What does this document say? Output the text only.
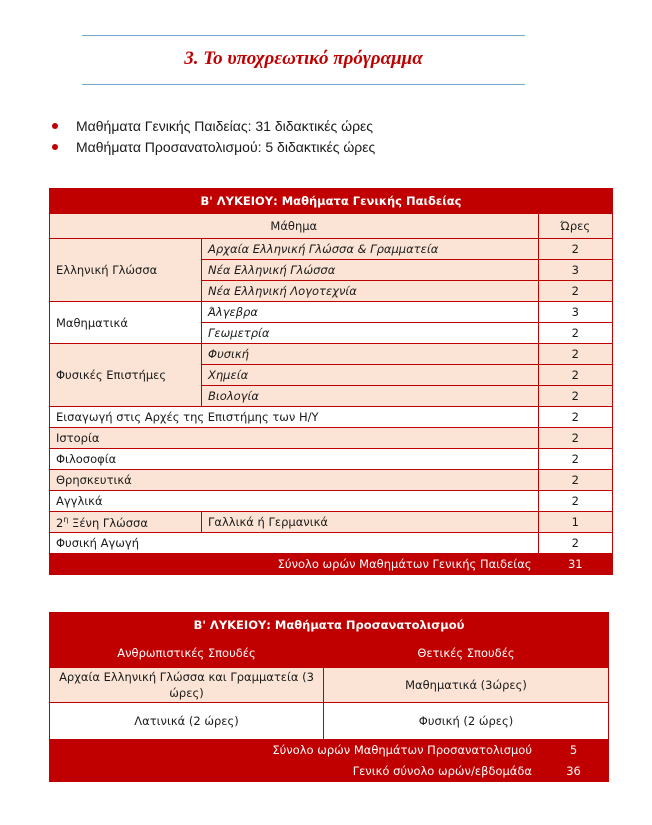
3. Το υποχρεωτικό πρόγραμμα
Μαθήματα Γενικής Παιδείας: 31 διδακτικές ώρες
Μαθήματα Προσανατολισμού: 5 διδακτικές ώρες
Β' ΛΥΚΕΙΟΥ: Μαθήματα Γενικής Παιδείας		
Μάθημα		Ώρες
Ελληνική Γλώσσα	Αρχαία Ελληνική Γλώσσα & Γραμματεία	2
	Νέα Ελληνική Γλώσσα	3
	Νέα Ελληνική Λογοτεχνία	2
Μαθηματικά	Άλγεβρα	3
	Γεωμετρία	2
Φυσικές Επιστήμες	Φυσική	2
	Χημεία	2
	Βιολογία	2
Εισαγωγή στις Αρχές της Επιστήμης των Η/Υ		2
Ιστορία		2
Φιλοσοφία		2
Θρησκευτικά		2
Αγγλικά		2
$2^\eta$ Ξένη Γλώσσα	Γαλλικά ή Γερμανικά	1
Φυσική Αγωγή		2
Σύνολο ωρών Μαθημάτων Γενικής Παιδείας		31
Β' ΛΥΚΕΙΟΥ: Μαθήματα Προσανατολισμού		
Ανθρωπιστικές Σπουδές	Θετικές Σπουδές	
Αρχαία Ελληνική Γλώσσα και Γραμματεία (3 ώρες)	Μαθηματικά (3ώρες)	
Λατινικά (2 ώρες)	Φυσική (2 ώρες)	
Σύνολο ωρών Μαθημάτων Προσανατολισμού		5
Γενικό σύνολο ωρών/εβδομάδα		36
